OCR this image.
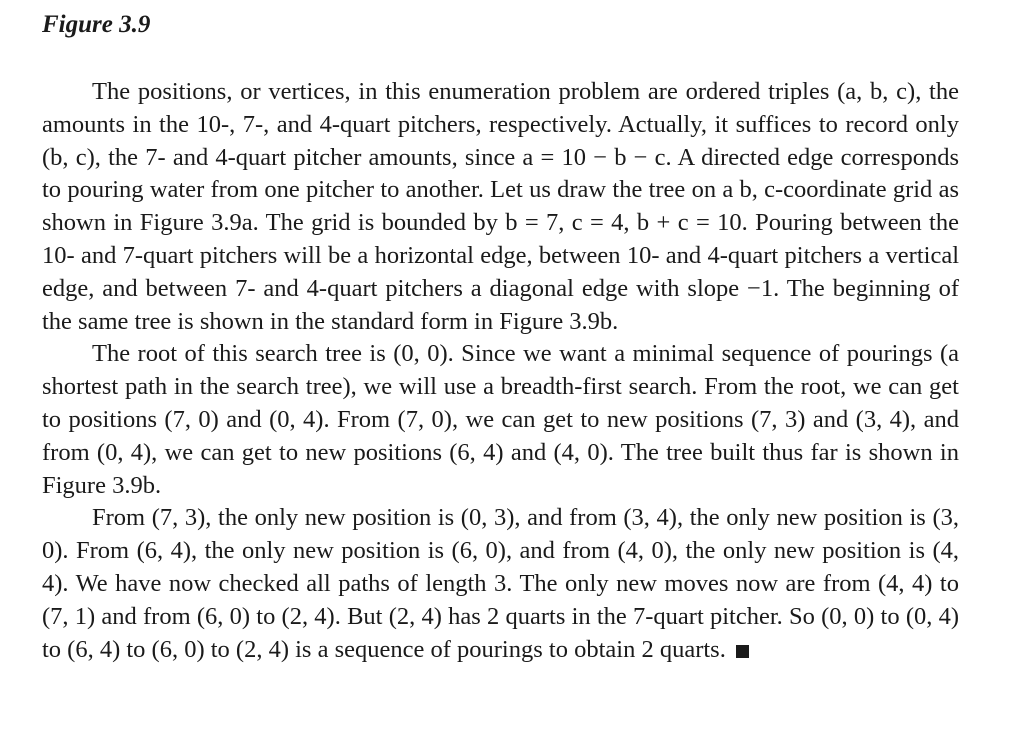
Figure 3.9

The positions, or vertices, in this enumeration problem are ordered triples (a, b, c), the amounts in the 10-, 7-, and 4-quart pitchers, respectively. Actually, it suffices to record only (b, c), the 7- and 4-quart pitcher amounts, since a = 10 − b − c. A directed edge corresponds to pouring water from one pitcher to another. Let us draw the tree on a b, c-coordinate grid as shown in Figure 3.9a. The grid is bounded by b = 7, c = 4, b + c = 10. Pouring between the 10- and 7-quart pitchers will be a horizontal edge, between 10- and 4-quart pitchers a vertical edge, and between 7- and 4-quart pitchers a diagonal edge with slope −1. The beginning of the same tree is shown in the standard form in Figure 3.9b.

The root of this search tree is (0, 0). Since we want a minimal sequence of pourings (a shortest path in the search tree), we will use a breadth-first search. From the root, we can get to positions (7, 0) and (0, 4). From (7, 0), we can get to new positions (7, 3) and (3, 4), and from (0, 4), we can get to new positions (6, 4) and (4, 0). The tree built thus far is shown in Figure 3.9b.

From (7, 3), the only new position is (0, 3), and from (3, 4), the only new position is (3, 0). From (6, 4), the only new position is (6, 0), and from (4, 0), the only new position is (4, 4). We have now checked all paths of length 3. The only new moves now are from (4, 4) to (7, 1) and from (6, 0) to (2, 4). But (2, 4) has 2 quarts in the 7-quart pitcher. So (0, 0) to (0, 4) to (6, 4) to (6, 0) to (2, 4) is a sequence of pourings to obtain 2 quarts.
